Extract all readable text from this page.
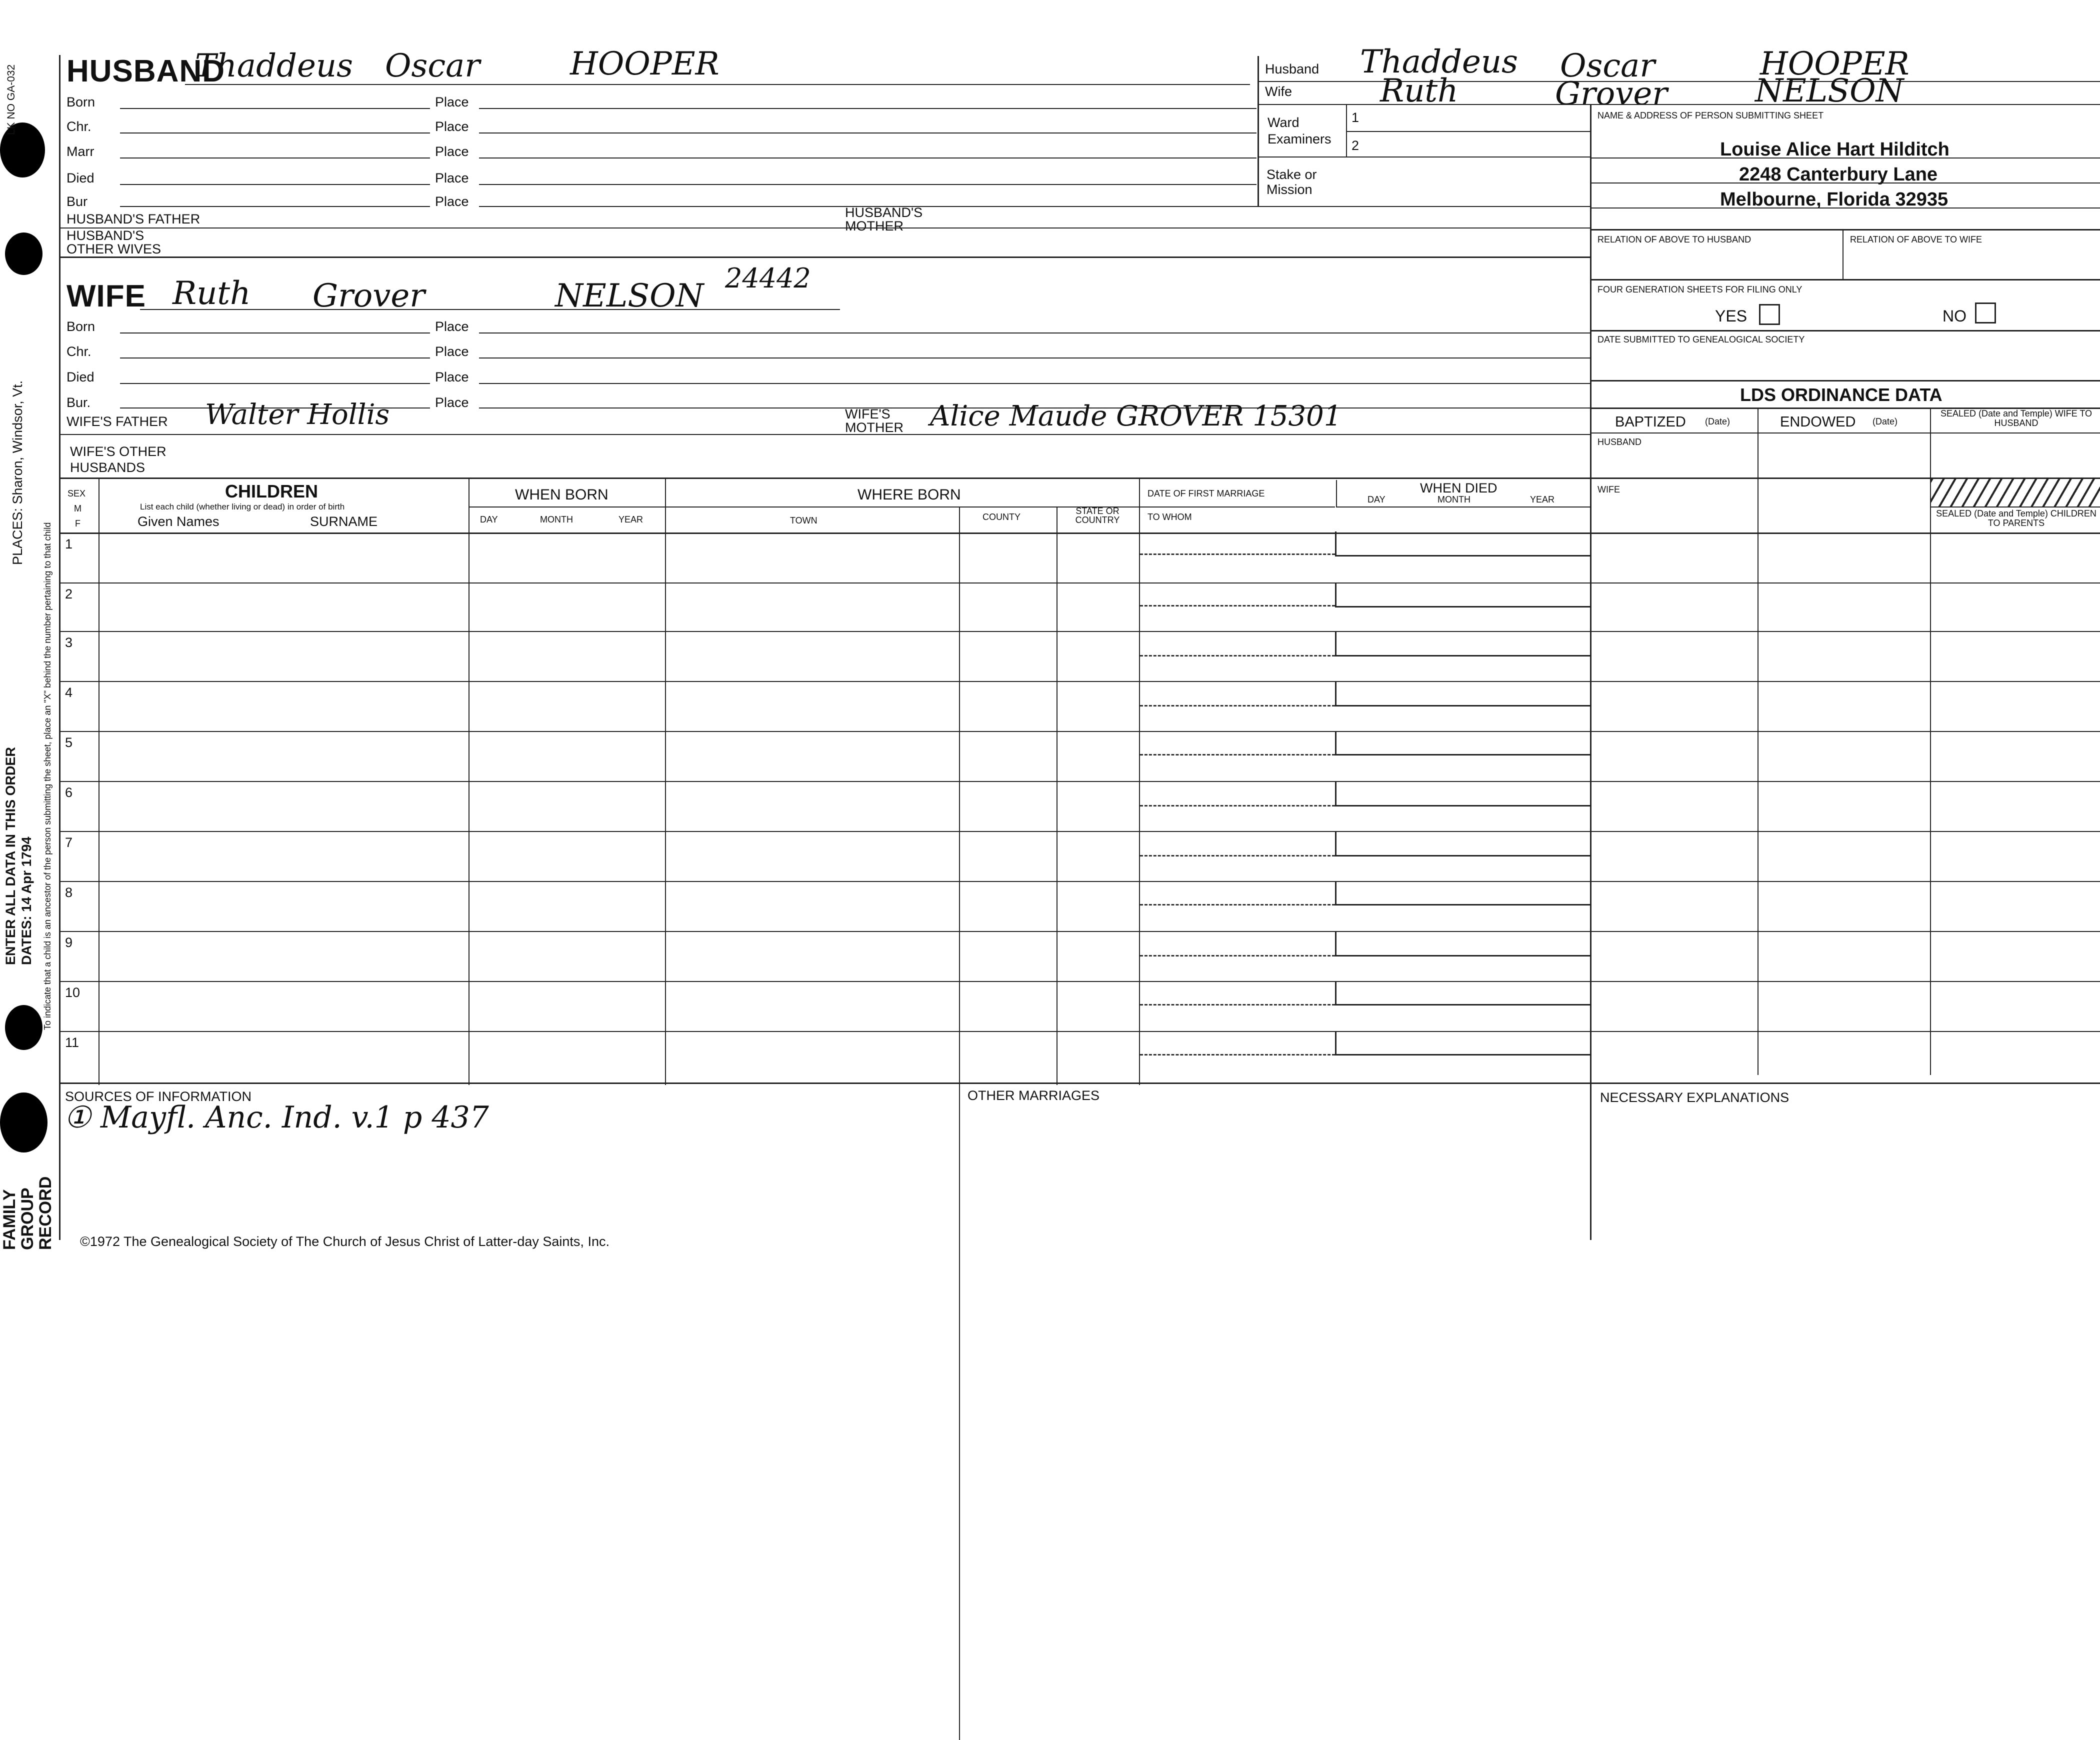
LK NO GA-032
PLACES: Sharon, Windsor, Vt.
ENTER ALL DATA IN THIS ORDER DATES: 14 Apr 1794 To indicate that a child is an ancestor of the person submitting the sheet, place an "X" behind the number pertaining to that child
FAMILY
GROUP
RECORD
HUSBAND
Thaddeus Oscar	HOOPER
Born	Place
Chr.	Place
Marr	Place
Died	Place
Bur	Place
HUSBAND'S FATHER	HUSBAND'S MOTHER
HUSBAND'S OTHER WIVES
WIFE Ruth Grover	NELSON 24442
Born	Place
Chr.	Place
Died	Place
Bur.	Place
WIFE'S FATHER Walter Hollis	WIFE'S MOTHER Alice Maude GROVER 15301
WIFE'S OTHER HUSBANDS
Husband Thaddeus Oscar	HOOPER
Wife	Ruth	Grover	NELSON
Ward
Examiners
1
2
Stake or Mission
NAME & ADDRESS OF PERSON SUBMITTING SHEET
Louise Alice Hart Hilditch
2248 Canterbury Lane
Melbourne, Florida 32935
RELATION OF ABOVE TO HUSBAND	RELATION OF ABOVE TO WIFE
FOUR GENERATION SHEETS FOR FILING ONLY
YES	NO
DATE SUBMITTED TO GENEALOGICAL SOCIETY
LDS ORDINANCE DATA
BAPTIZED (Date)	ENDOWED (Date)
SEALED (Date and Temple) WIFE TO HUSBAND
HUSBAND
WIFE
SEALED (Date and Temple) CHILDREN TO PARENTS
SEX
M
F
CHILDREN
List each child (whether living or dead) in order of birth
Given Names	SURNAME
WHEN BORN
DAY	MONTH	YEAR
WHERE BORN
TOWN	COUNTY
STATE OR COUNTRY
DATE OF FIRST MARRIAGE
TO WHOM
WHEN DIED
DAY	MONTH	YEAR
1
2
3
4
5
6
7
8
9
10
11
SOURCES OF INFORMATION
① Mayfl. Anc. Ind. v.1 p 437
OTHER MARRIAGES	NECESSARY EXPLANATIONS
©1972 The Genealogical Society of The Church of Jesus Christ of Latter-day Saints, Inc.
